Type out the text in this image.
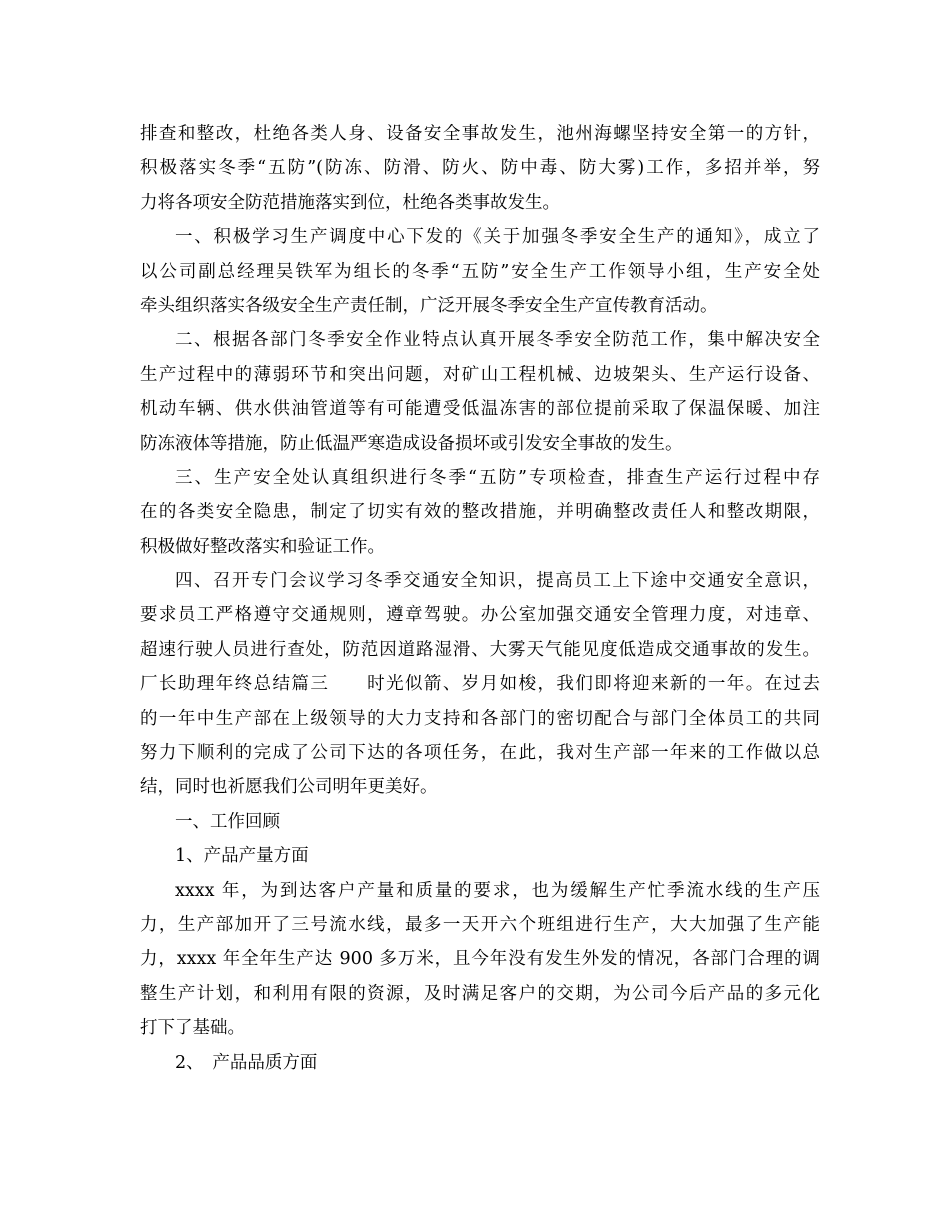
排查和整改，杜绝各类人身、设备安全事故发生，池州海螺坚持安全第一的方针，
积极落实冬季“五防”(防冻、防滑、防火、防中毒、防大雾)工作，多招并举，努
力将各项安全防范措施落实到位，杜绝各类事故发生。
一、积极学习生产调度中心下发的《关于加强冬季安全生产的通知》，成立了
以公司副总经理吴铁军为组长的冬季“五防”安全生产工作领导小组，生产安全处
牵头组织落实各级安全生产责任制，广泛开展冬季安全生产宣传教育活动。
二、根据各部门冬季安全作业特点认真开展冬季安全防范工作，集中解决安全
生产过程中的薄弱环节和突出问题，对矿山工程机械、边坡架头、生产运行设备、
机动车辆、供水供油管道等有可能遭受低温冻害的部位提前采取了保温保暖、加注
防冻液体等措施，防止低温严寒造成设备损坏或引发安全事故的发生。
三、生产安全处认真组织进行冬季“五防”专项检查，排查生产运行过程中存
在的各类安全隐患，制定了切实有效的整改措施，并明确整改责任人和整改期限，
积极做好整改落实和验证工作。
四、召开专门会议学习冬季交通安全知识，提高员工上下途中交通安全意识，
要求员工严格遵守交通规则，遵章驾驶。办公室加强交通安全管理力度，对违章、
超速行驶人员进行查处，防范因道路湿滑、大雾天气能见度低造成交通事故的发生。
厂长助理年终总结篇三　　时光似箭、岁月如梭，我们即将迎来新的一年。在过去
的一年中生产部在上级领导的大力支持和各部门的密切配合与部门全体员工的共同
努力下顺利的完成了公司下达的各项任务，在此，我对生产部一年来的工作做以总
结，同时也祈愿我们公司明年更美好。
一、工作回顾
1、产品产量方面
xxxx 年，为到达客户产量和质量的要求，也为缓解生产忙季流水线的生产压
力，生产部加开了三号流水线，最多一天开六个班组进行生产，大大加强了生产能
力，xxxx 年全年生产达 900 多万米，且今年没有发生外发的情况，各部门合理的调
整生产计划，和利用有限的资源，及时满足客户的交期，为公司今后产品的多元化
打下了基础。
2、　产品品质方面
